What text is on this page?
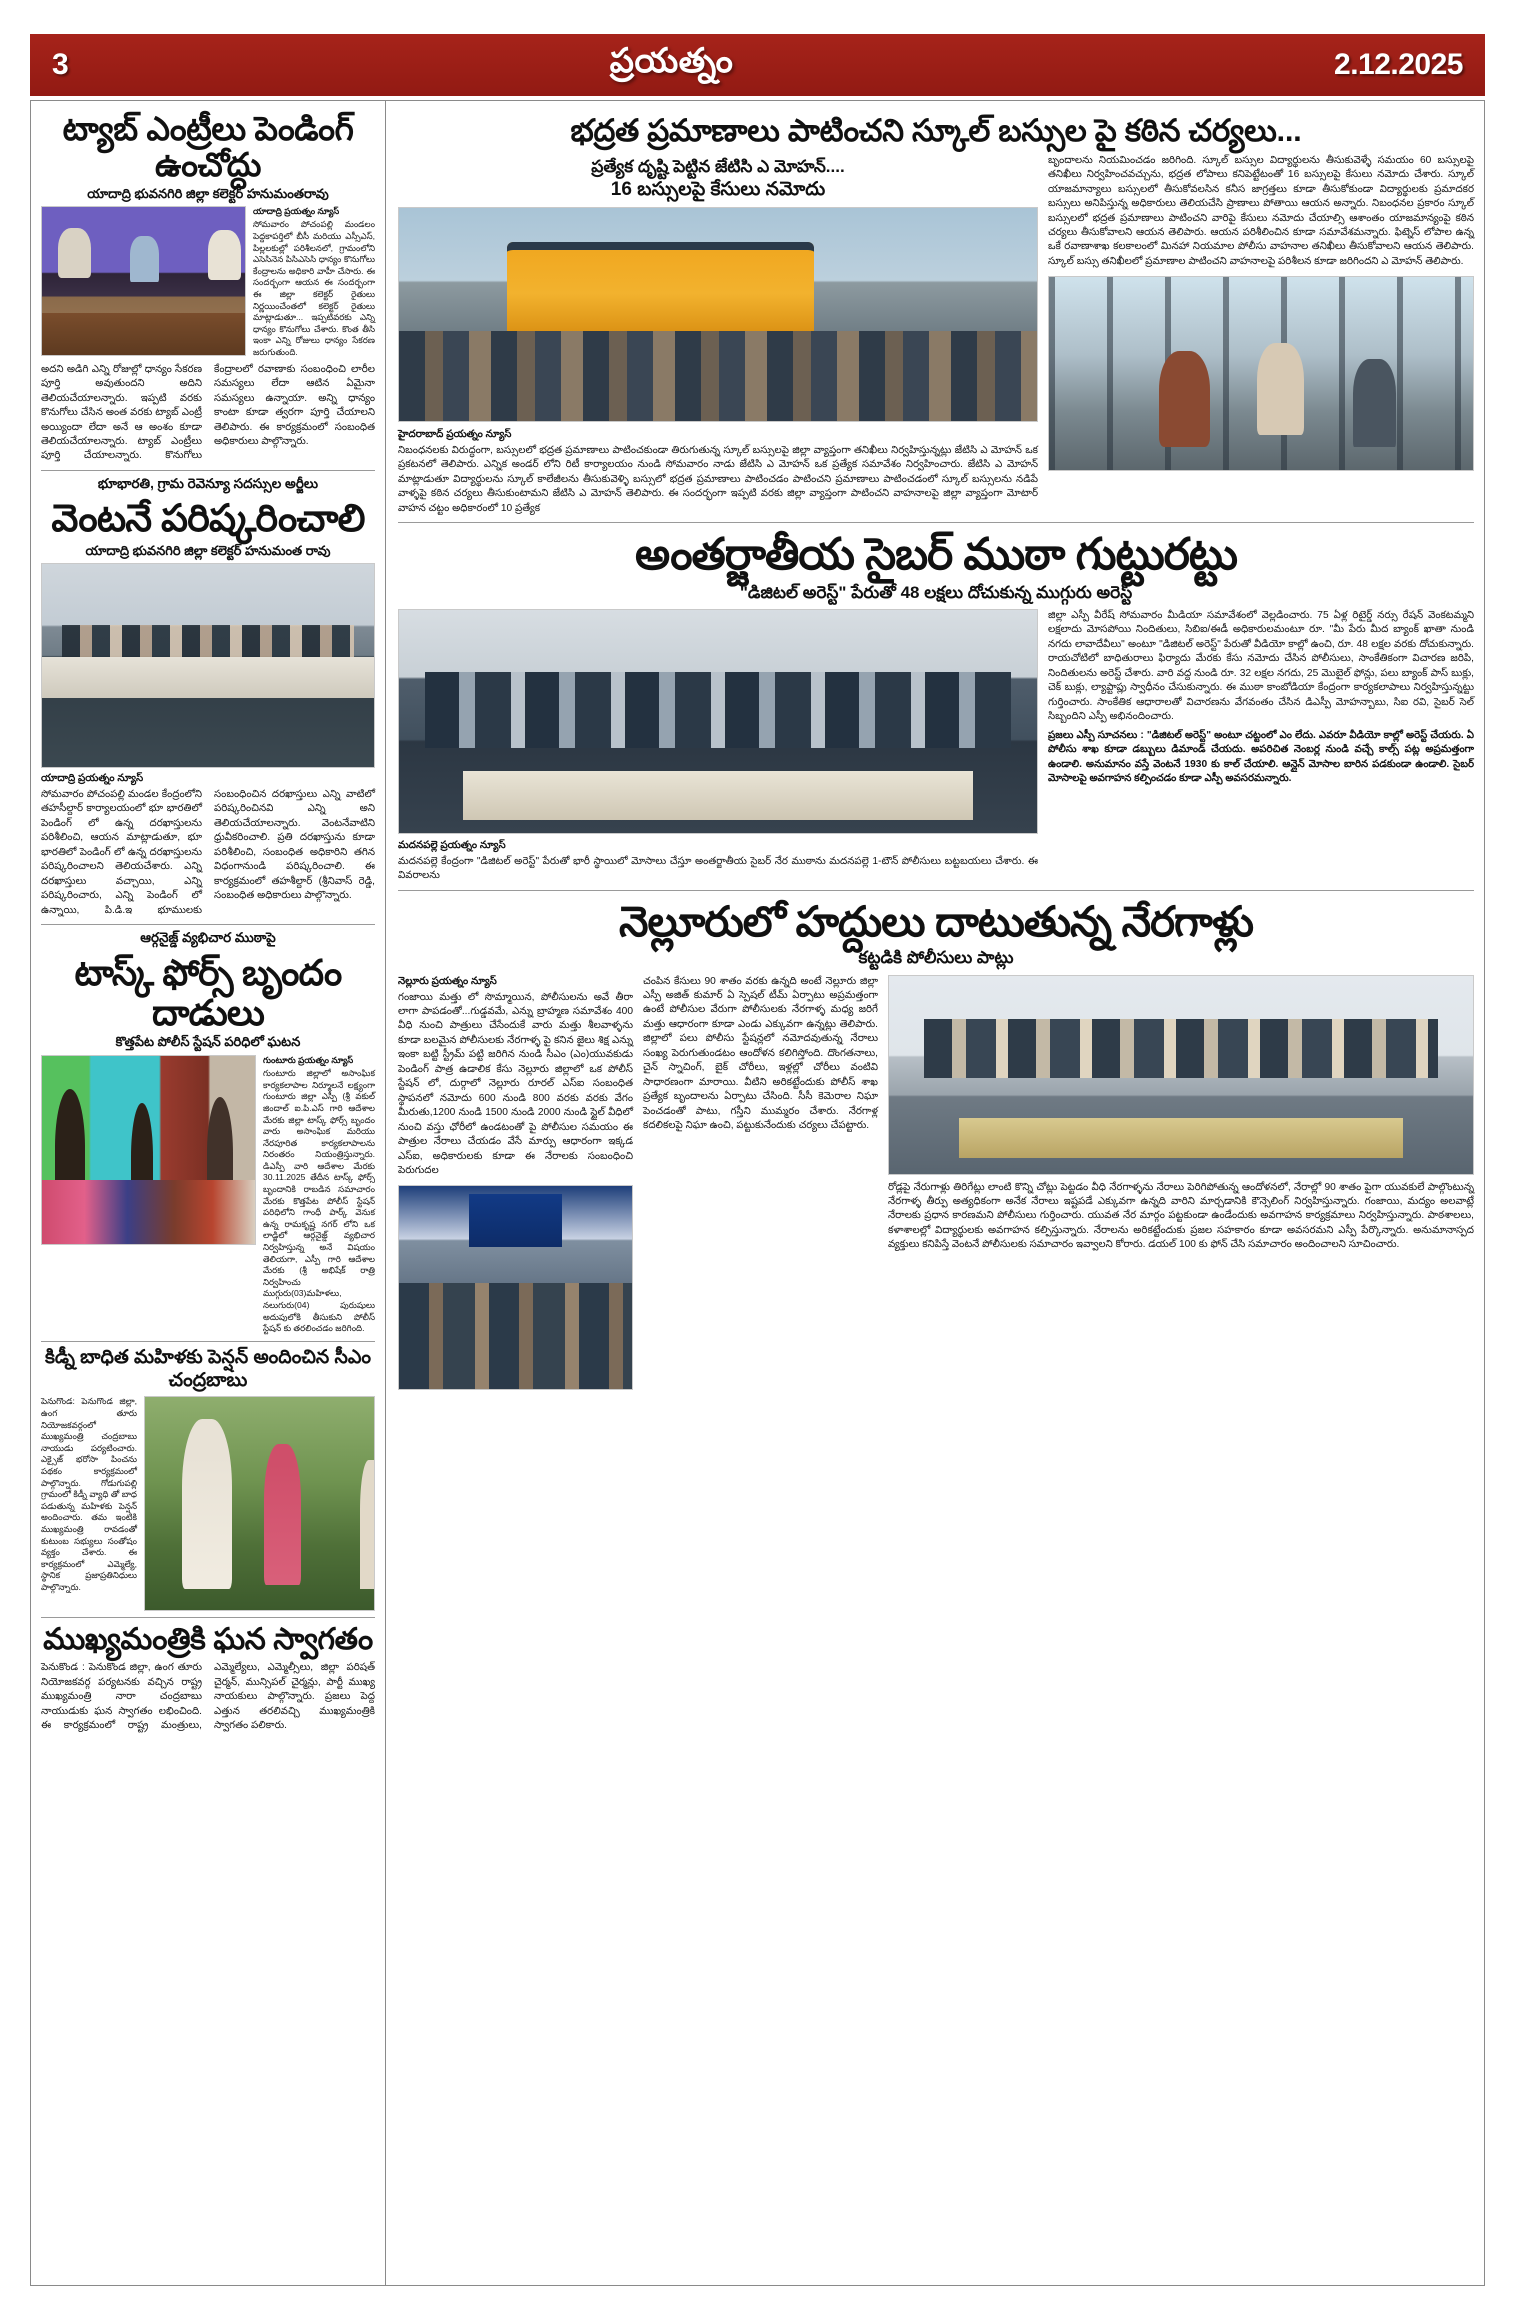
3	ప్రయత్నం	2.12.2025
ట్యాబ్ ఎంట్రీలు పెండింగ్ ఉంచోద్దు
యాదాద్రి భువనగిరి జిల్లా కలెక్టర్ హనుమంతరావు
యాదాద్రి ప్రయత్నం న్యూస్
సోమవారం పోచంపల్లి మండలం పెద్దకాపర్తిలో బీసీ మరియు ఎస్సీఎస్, పిల్లలకుల్లో పరిశీలనలో, గ్రామంలోని ఎసెసినెన పిసిఎసెసి ధాన్యం కొనుగోలు కేంద్రాలను అధికారి వాహీ చేసారు. ఈ సందర్బంగా ఆయన ఈ సందర్బంగా ఈ జిల్లా కలెక్టర్ రైతులు నిర్ణయించేంతలో కలెక్టర్ రైతులు మాట్లాడుతూ... ఇప్పటివరకు ఎన్ని ధాన్యం కొనుగోలు చేశారు. కొంత తీసి ఇంకా ఎన్ని రోజులు ధాన్యం సేకరణ జరుగుతుంది.
అదని అడిగి ఎన్ని రోజుల్లో ధాన్యం సేకరణ పూర్తి అవుతుందని అదిని తెలియచేయాలన్నారు. ఇప్పటి వరకు కొనుగోలు చేసిన అంత వరకు ట్యాబ్ ఎంట్రీ అయ్యిందా లేదా అనే ఆ అంశం కూడా తెలియచేయాలన్నారు. ట్యాబ్ ఎంట్రీలు పూర్తి చేయాలన్నారు. కొనుగోలు కేంద్రాలలో రవాణాకు సంబంధించి లారీల సమస్యలు లేదా ఆటిన ఏమైనా సమస్యలు ఉన్నాయా. అన్ని ధాన్యం కాంటా కూడా త్వరగా పూర్తి చేయాలని తెలిపారు. ఈ కార్యక్రమంలో సంబంధిత అధికారులు పాల్గొన్నారు.
భూభారతి, గ్రామ రెవెన్యూ సదస్సుల అర్జీలు
వెంటనే పరిష్కరించాలి
యాదాద్రి భువనగిరి జిల్లా కలెక్టర్ హనుమంత రావు
యాదాద్రి ప్రయత్నం న్యూస్
సోమవారం పోచంపల్లి మండల కేంద్రంలోని తహసీల్దార్ కార్యాలయంలో భూ భారతిలో పెండింగ్ లో ఉన్న దరఖాస్తులను పరిశీలించి, ఆయన మాట్లాడుతూ, భూ భారతిలో పెండింగ్ లో ఉన్న దరఖాస్తులను పరిష్కరించాలని తెలియచేశారు. ఎన్ని దరఖాస్తులు వచ్చాయి, ఎన్ని పరిష్కరించారు, ఎన్ని పెండింగ్ లో ఉన్నాయి, పి.డి.ఇ భూములకు సంబంధించిన దరఖాస్తులు ఎన్ని వాటిలో పరిష్కరించినవి ఎన్ని అని తెలియచేయాలన్నారు. వెంటనేవాటిని ధ్రువీకరించాలి. ప్రతి దరఖాస్తును కూడా పరిశీలించి, సంబంధిత అధికారిని తగిన విధంగానుండి పరిష్కరించాలి. ఈ కార్యక్రమంలో తహశీల్దార్ (శ్రీనివాస్ రెడ్డి, సంబంధిత అధికారులు పాల్గొన్నారు.
ఆర్గనైజ్డ్ వ్యభిచార ముఠాపై
టాస్క్ ఫోర్స్ బృందం దాడులు
కొత్తపేట పోలీస్ స్టేషన్ పరిధిలో ఘటన
గుంటూరు ప్రయత్నం న్యూస్
గుంటూరు జిల్లాలో అసాంఘిక కార్యకలాపాల నిర్మూలనే లక్ష్యంగా గుంటూరు జిల్లా ఎస్పీ (శ్రీ వకుల్ జిందాల్ ఐ.పి.ఎస్ గారి ఆదేశాల మేరకు జిల్లా టాస్క్ ఫోర్స్ బృందం వారు అసాంఘిక మరియు నేరపూరిత కార్యకలాపాలను నిరంతరం నియంత్రిస్తున్నారు. డిఎస్పీ వారి ఆదేశాల మేరకు 30.11.2025 తేదీన టాస్క్ ఫోర్స్ బృందానికి రాబడిన సమాచారం మేరకు కొత్తపేట పోలీస్ స్టేషన్ పరిధిలోని గాంధీ పార్క్ వెనుక ఉన్న రామకృష్ణ నగర్ లోని ఒక లాడ్జిలో ఆర్గనైజ్డ్ వ్యభిచార నిర్వహిస్తున్న అనే విషయం తెలియగా, ఎస్పీ గారి ఆదేశాల మేరకు (శ్రీ అభిషేక్ రాత్రి నిర్వహించు ముగ్గురు(03)మహిళలు, నలుగురు(04) పురుషులు అదుపులోకి తీసుకుని పోలీస్ స్టేషన్ కు తరలించడం జరిగింది.
కిడ్నీ బాధిత మహిళకు పెన్షన్ అందించిన సీఎం చంద్రబాబు
పెనుగొండ: పెనుగొండ జిల్లా, ఉంగ తూరు నియోజకవర్గంలో ముఖ్యమంత్రి చంద్రబాబు నాయుడు పర్యటించారు. ఎక్సైజ్ భరోసా పించను పథకం కార్యక్రమంలో పాల్గొన్నారు. గోడుగుపల్లి గ్రామంలో కిడ్నీ వ్యాధి తో బాధ పడుతున్న మహిళకు పెన్షన్ అందించారు. తమ ఇంటికి ముఖ్యమంత్రి రావడంతో కుటుంబ సభ్యులు సంతోషం వ్యక్తం చేశారు. ఈ కార్యక్రమంలో ఎమ్మెల్యే, స్థానిక ప్రజాప్రతినిధులు పాల్గొన్నారు.
ముఖ్యమంత్రికి ఘన స్వాగతం
పెనుకొండ : పెనుకొండ జిల్లా, ఉంగ తూరు నియోజకవర్గ పర్యటనకు వచ్చిన రాష్ట్ర ముఖ్యమంత్రి నారా చంద్రబాబు నాయుడుకు ఘన స్వాగతం లభించింది. ఈ కార్యక్రమంలో రాష్ట్ర మంత్రులు, ఎమ్మెల్యేలు, ఎమ్మెల్సీలు, జిల్లా పరిషత్ చైర్మన్, మున్సిపల్ చైర్మన్లు, పార్టీ ముఖ్య నాయకులు పాల్గొన్నారు. ప్రజలు పెద్ద ఎత్తున తరలివచ్చి ముఖ్యమంత్రికి స్వాగతం పలికారు.
భద్రత ప్రమాణాలు పాటించని స్కూల్ బస్సుల పై కఠిన చర్యలు...
ప్రత్యేక దృష్టి పెట్టిన జేటిసి ఎ మోహన్....
16 బస్సులపై కేసులు నమోదు
హైదరాబాద్ ప్రయత్నం న్యూస్
నిబంధనలకు విరుద్ధంగా, బస్సులలో భద్రత ప్రమాణాలు పాటించకుండా తిరుగుతున్న స్కూల్ బస్సులపై జిల్లా వ్యాప్తంగా తనిఖీలు నిర్వహిస్తున్నట్లు జేటిసి ఎ మోహన్ ఒక ప్రకటనలో తెలిపారు. ఎన్నిక అండర్ లోని రిటీ కార్యాలయం నుండి సోమవారం నాడు జేటిసి ఎ మోహన్ ఒక ప్రత్యేక సమావేశం నిర్వహించారు. జేటిసి ఎ మోహన్ మాట్లాడుతూ విద్యార్థులను స్కూల్ కాలేజీలను తీసుకువెళ్ళి బస్సులో భద్రత ప్రమాణాలు పాటించడం పాటించని ప్రమాణాలు పాటించడంలో స్కూల్ బస్సులను నడిపే వాళ్ళపై కఠిన చర్యలు తీసుకుంటామని జేటిసి ఎ మోహన్ తెలిపారు. ఈ సందర్భంగా ఇప్పటి వరకు జిల్లా వ్యాప్తంగా పాటించని వాహనాలపై జిల్లా వ్యాప్తంగా మోటార్ వాహన చట్టం అధికారంలో 10 ప్రత్యేక
బృందాలను నియమించడం జరిగింది. స్కూల్ బస్సుల విద్యార్థులను తీసుకువెళ్ళే సమయం 60 బస్సులపై తనిఖీలు నిర్వహించవచ్చును, భద్రత లోపాలు కనిపెట్టేటంతో 16 బస్సులపై కేసులు నమోదు చేశారు. స్కూల్ యాజమాన్యాలు బస్సులలో తీసుకోవలసిన కనీస జాగ్రత్తలు కూడా తీసుకోకుండా విద్యార్థులకు ప్రమాదకర బస్సులు అనిపిస్తున్న అధికారులు తెలియచేసి ప్రాణాలు పోతాయి ఆయన అన్నారు. నిబంధనల ప్రకారం స్కూల్ బస్సులలో భద్రత ప్రమాణాలు పాటించని వారిపై కేసులు నమోదు చేయాల్సి ఆశాంతం యాజమాన్యంపై కఠిన చర్యలు తీసుకోవాలని ఆయన తెలిపారు. ఆయన పరిశీలించిన కూడా సమావేశమన్నారు. ఫిట్నెస్ లోపాల ఉన్న ఒకే రవాణాశాఖ కలకాలంలో మినహా నియమాల పోలీసు వాహనాల తనిఖీలు తీసుకోవాలని ఆయన తెలిపారు. స్కూల్ బస్సు తనిఖీలలో ప్రమాణాల పాటించని వాహనాలపై పరిశీలన కూడా జరిగిందని ఎ మోహన్ తెలిపారు.
అంతర్జాతీయ సైబర్ ముఠా గుట్టురట్టు
"డిజిటల్ అరెస్ట్" పేరుతో 48 లక్షలు దోచుకున్న ముగ్గురు అరెస్ట్
మదనపల్లె ప్రయత్నం న్యూస్
మదనపల్లె కేంద్రంగా "డిజిటల్ అరెస్ట్" పేరుతో భారీ స్థాయిలో మోసాలు చేస్తూ అంతర్జాతీయ సైబర్ నేర ముఠాను మదనపల్లె 1-టౌన్ పోలీసులు బట్టబయలు చేశారు. ఈ వివరాలను
జిల్లా ఎస్పీ వీరేష్ సోమవారం మీడియా సమావేశంలో వెల్లడించారు. 75 ఏళ్ల రిటైర్డ్ నర్సు రేషన్ వెంకటమ్మని లక్షలాదు మోసపోయి నిందితులు, సిబిఐ/ఈడీ అధికారులమంటూ రూ. "మీ పేరు మీద బ్యాంక్ ఖాతా నుండి నగదు లావాదేవీలు" అంటూ "డిజిటల్ అరెస్ట్" పేరుతో వీడియో కాల్లో ఉంచి, రూ. 48 లక్షల వరకు దోచుకున్నారు. రాయచోటిలో బాధితురాలు ఫిర్యాదు మేరకు కేసు నమోదు చేసిన పోలీసులు, సాంకేతికంగా విచారణ జరిపి, నిందితులను అరెస్ట్ చేశారు. వారి వద్ద నుండి రూ. 32 లక్షల నగదు, 25 మొబైల్ ఫోన్లు, పలు బ్యాంక్ పాస్ బుక్లు, చెక్ బుక్లు, ల్యాప్టాప్లు స్వాధీనం చేసుకున్నారు. ఈ ముఠా కాంబోడియా కేంద్రంగా కార్యకలాపాలు నిర్వహిస్తున్నట్టు గుర్తించారు. సాంకేతిక ఆధారాలతో విచారణను వేగవంతం చేసిన డిఎస్పీ మోహన్బాబు, సిఐ రవి, సైబర్ సెల్ సిబ్బందిని ఎస్పీ అభినందించారు.
ప్రజలు ఎస్పీ సూచనలు : "డిజిటల్ అరెస్ట్" అంటూ చట్టంలో ఎం లేదు. ఎవరూ వీడియో కాల్లో అరెస్ట్ చేయరు. ఏ పోలీసు శాఖ కూడా డబ్బులు డిమాండ్ చేయదు. అపరిచిత నెంబర్ల నుండి వచ్చే కాల్స్ పట్ల అప్రమత్తంగా ఉండాలి. అనుమానం వస్తే వెంటనే 1930 కు కాల్ చేయాలి. ఆన్లైన్ మోసాల బారిన పడకుండా ఉండాలి. సైబర్ మోసాలపై అవగాహన కల్పించడం కూడా ఎస్పీ అవసరమన్నారు.
నెల్లూరులో హద్దులు దాటుతున్న నేరగాళ్లు
కట్టడికి పోలీసులు పాట్లు
నెల్లూరు ప్రయత్నం న్యూస్
గంజాయి మత్తు లో సొమ్మాయిన, పోలీసులను అవే తీరా లాగా పాపడంతో...గుడ్డవమే, ఎన్ను బ్రాహ్మణ సమావేశం 400 వీధి నుంచి పాత్రులు చేసేందుకే వారు మత్తు శీలవాళ్ళను కూడా బలమైన పోలీసులకు నేరగాళ్ళ పై కనిన జైలు శిక్ష ఎన్ను ఇంకా బట్టి స్ట్రీమ్ పట్టి జరిగిన నుండి సీఎం (ఎం)యువకుడు పెండింగ్ పాత్ర ఉడాలిక కేసు నెల్లూరు జిల్లాలో ఒక పోలీస్ స్టేషన్ లో, దుర్గాలో నెల్లూరు రూరల్ ఎస్ఐ సంబంధిత స్థాపనలో నమోదు 600 నుండి 800 వరకు వరకు వేగం మీరుతు,1200 నుండి 1500 నుండి 2000 నుండి స్టైల్ వీధిలో నుంచి వస్తు ఛోరీలో ఉండటంతో పై పోలీసుల సమయం ఈ పాత్రుల నేరాలు చేయడం వేసే మార్పు ఆధారంగా ఇక్కడ ఎస్ఐ, అధికారులకు కూడా ఈ నేరాలకు సంబంధించి పెరుగుదల
చంపిన కేసులు 90 శాతం వరకు ఉన్నది అంటే నెల్లూరు జిల్లా ఎస్పీ అజిత్ కుమార్ ఏ స్పెషల్ టీమ్ ఏర్పాటు అప్రమత్తంగా ఉంటే పోలీసుల వేరుగా పోలీసులకు నేరగాళ్ళ మధ్య జరిగే మత్తు ఆధారంగా కూడా ఎండు ఎక్కువగా ఉన్నట్లు తెలిపారు. జిల్లాలో పలు పోలీసు స్టేషన్లలో నమోదవుతున్న నేరాలు సంఖ్య పెరుగుతుండటం ఆందోళన కలిగిస్తోంది. దొంగతనాలు, చైన్ స్నాచింగ్, బైక్ చోరీలు, ఇళ్లల్లో చోరీలు వంటివి సాధారణంగా మారాయి. వీటిని అరికట్టేందుకు పోలీస్ శాఖ ప్రత్యేక బృందాలను ఏర్పాటు చేసింది. సీసీ కెమెరాల నిఘా పెంచడంతో పాటు, గస్తీని ముమ్మరం చేశారు. నేరగాళ్ల కదలికలపై నిఘా ఉంచి, పట్టుకునేందుకు చర్యలు చేపట్టారు.
రోడ్లపై నేరుగాళ్లు తిరిగేట్లు లాంటి కొన్ని చోట్లు పెట్టడం వీధి నేరగాళ్ళను నేరాలు పెరిగిపోతున్న ఆందోళనలో, నేరాల్లో 90 శాతం పైగా యువకులే పాల్గొంటున్న నేరగాళ్ళ తీర్పు అత్యధికంగా అనేక నేరాలు ఇష్టపడే ఎక్కువగా ఉన్నది వారిని మార్చడానికి కౌన్సెలింగ్ నిర్వహిస్తున్నారు. గంజాయి, మద్యం అలవాట్లే నేరాలకు ప్రధాన కారణమని పోలీసులు గుర్తించారు. యువత నేర మార్గం పట్టకుండా ఉండేందుకు అవగాహన కార్యక్రమాలు నిర్వహిస్తున్నారు. పాఠశాలలు, కళాశాలల్లో విద్యార్థులకు అవగాహన కల్పిస్తున్నారు. నేరాలను అరికట్టేందుకు ప్రజల సహకారం కూడా అవసరమని ఎస్పీ పేర్కొన్నారు. అనుమానాస్పద వ్యక్తులు కనిపిస్తే వెంటనే పోలీసులకు సమాచారం ఇవ్వాలని కోరారు. డయల్ 100 కు ఫోన్ చేసి సమాచారం అందించాలని సూచించారు.
